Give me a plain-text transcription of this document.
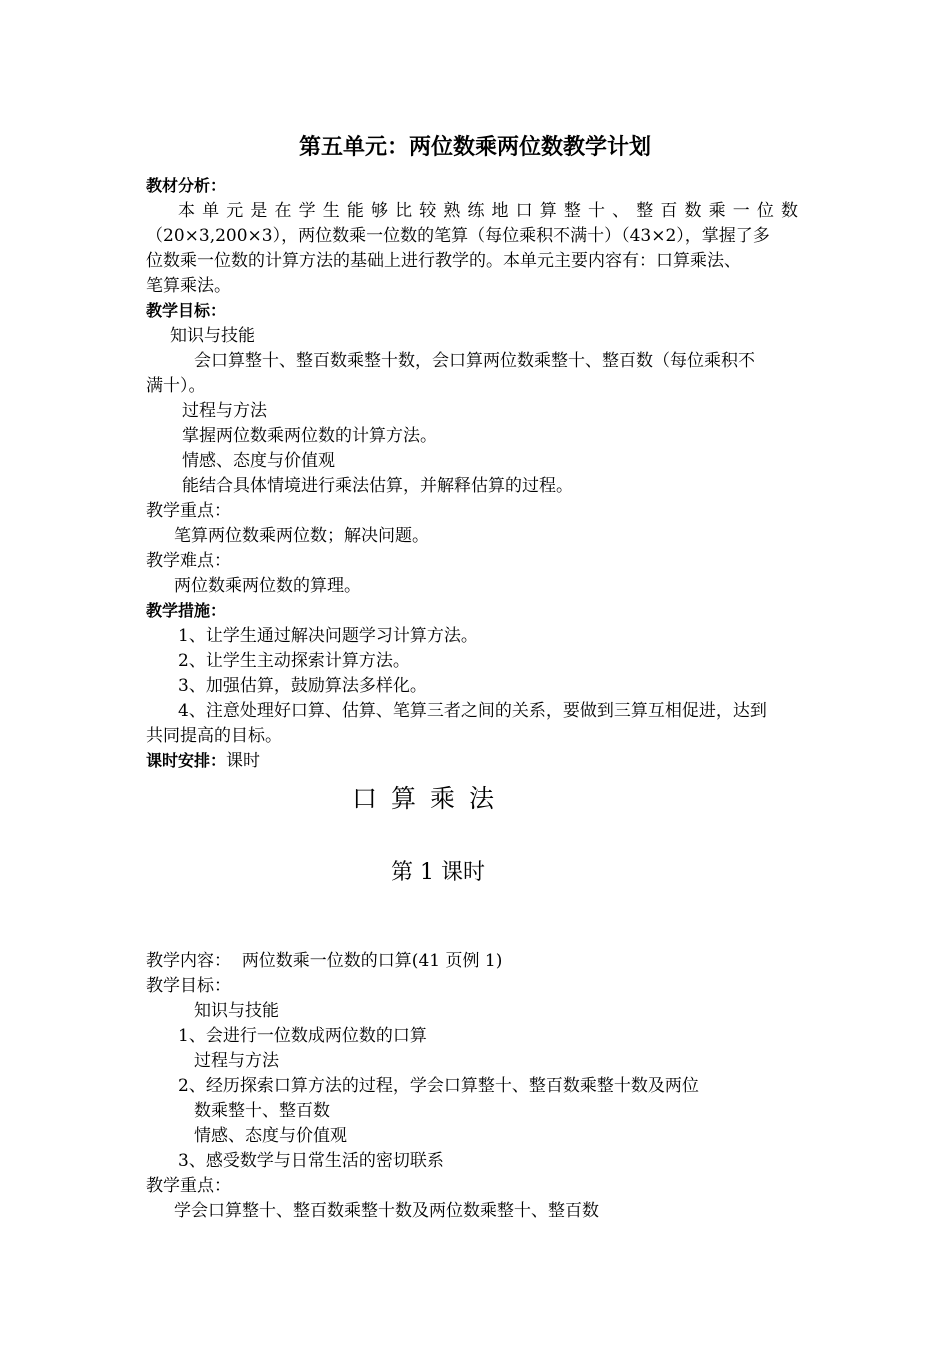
第五单元：两位数乘两位数教学计划
教材分析：
本 单 元 是 在 学 生 能 够 比 较 熟 练 地 口 算 整 十 、 整 百 数 乘 一 位 数
（20×3,200×3），两位数乘一位数的笔算（每位乘积不满十）（43×2），掌握了多
位数乘一位数的计算方法的基础上进行教学的。本单元主要内容有：口算乘法、
笔算乘法。
教学目标：
知识与技能
会口算整十、整百数乘整十数，会口算两位数乘整十、整百数（每位乘积不
满十）。
过程与方法
掌握两位数乘两位数的计算方法。
情感、态度与价值观
能结合具体情境进行乘法估算，并解释估算的过程。
教学重点：
笔算两位数乘两位数；解决问题。
教学难点：
两位数乘两位数的算理。
教学措施：
1、让学生通过解决问题学习计算方法。
2、让学生主动探索计算方法。
3、加强估算，鼓励算法多样化。
4、注意处理好口算、估算、笔算三者之间的关系，要做到三算互相促进，达到
共同提高的目标。
课时安排：课时
口算乘法
第 1 课时
教学内容： 两位数乘一位数的口算(41 页例 1)
教学目标：
知识与技能
1、会进行一位数成两位数的口算
过程与方法
2、经历探索口算方法的过程，学会口算整十、整百数乘整十数及两位
数乘整十、整百数
情感、态度与价值观
3、感受数学与日常生活的密切联系
教学重点：
学会口算整十、整百数乘整十数及两位数乘整十、整百数
